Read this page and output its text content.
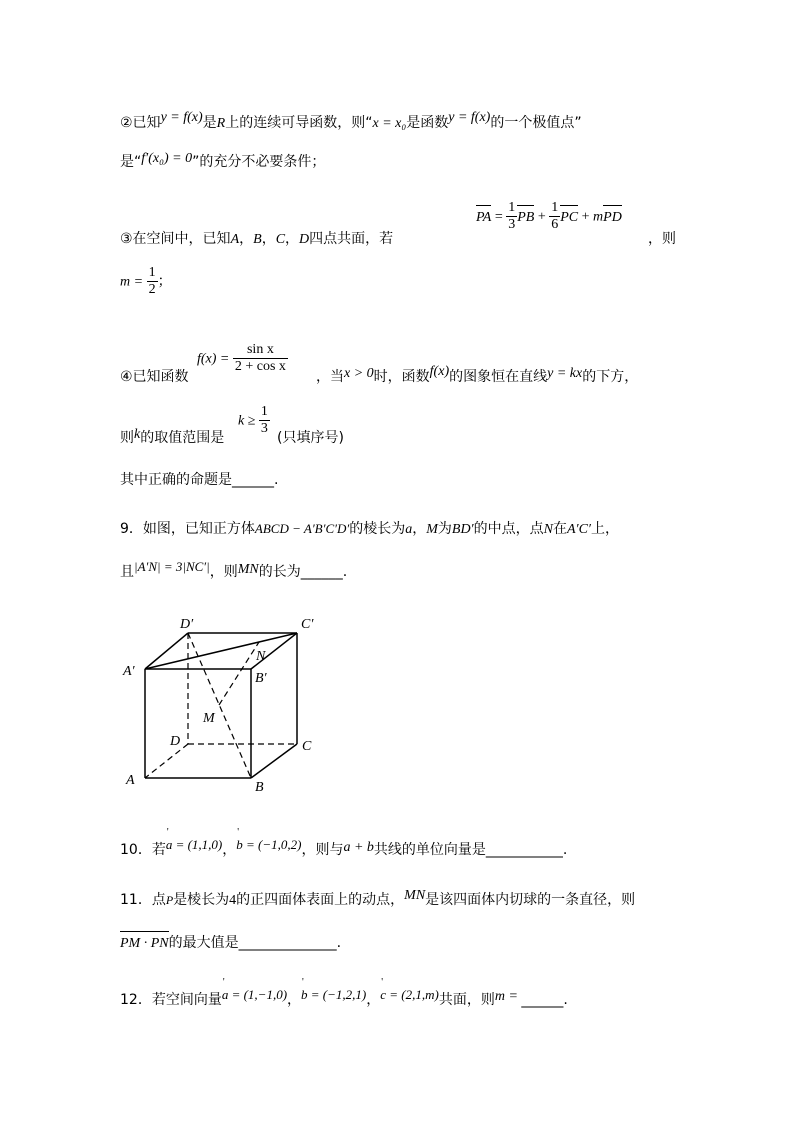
②已知y = f(x)是R上的连续可导函数，则“x = x₀是函数y = f(x)的一个极值点”
是“f′(x₀) = 0”的充分不必要条件；
③在空间中，已知A，B，C，D四点共面，若
PA = $\frac{1}{3}$ PB + $\frac{1}{6}$ PC + mPD
，则
$m = \frac{1}{2}$ ；
④已知函数
$f(x) = \frac{\text{sin x}}{\text{2 + cos x}}$
，当x > 0时，函数f(x)的图象恒在直线y = kx的下方，
则k的取值范围是
$k \ge \frac{1}{3}$
(只填序号)
其中正确的命题是______.
9．如图，已知正方体ABCD − A′B′C′D′的棱长为a，M为BD′的中点，点N在A′C′上，
且|A′N| = 3|NC′|，则MN的长为______.
D′	C′
A′	B′
N
M
D	C
A	B
10．若' a = (1,1,0)，' b = (−1,0,2)，则与a + b共线的单位向量是___________.
11．点P是棱长为4的正四面体表面上的动点，MN是该四面体内切球的一条直径，则
PM · PN的最大值是______________.
12．若空间向量' a = (1,−1,0)，' b = (−1,2,1)，' c = (2,1,m)共面，则m = ______.
